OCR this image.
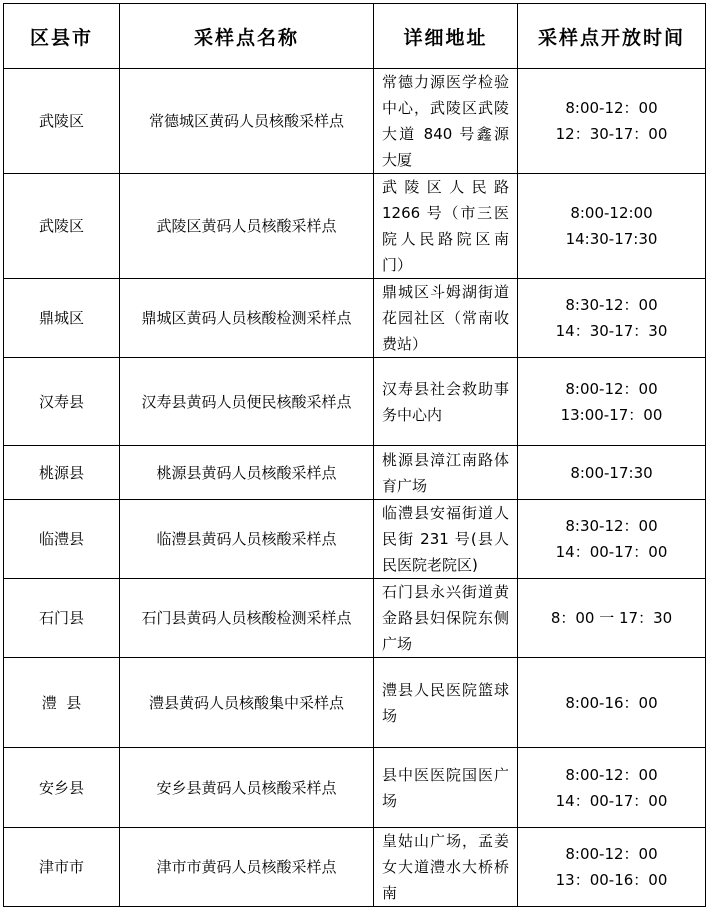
区县市	采样点名称	详细地址	采样点开放时间
武陵区	常德城区黄码人员核酸采样点	常德力源医学检验中心，武陵区武陵大道 840 号鑫源大厦	8:00-12：00
12：30-17：00

武陵区	武陵区黄码人员核酸采样点	武陵区人民路 1266 号（市三医院人民路院区南门）	8:00-12:00
14:30-17:30

鼎城区	鼎城区黄码人员核酸检测采样点	鼎城区斗姆湖街道花园社区（常南收费站）	8:30-12：00
14：30-17：30

汉寿县	汉寿县黄码人员便民核酸采样点	汉寿县社会救助事务中心内	8:00-12：00
13:00-17：00

桃源县	桃源县黄码人员核酸采样点	桃源县漳江南路体育广场	8:00-17:30

临澧县	临澧县黄码人员核酸采样点	临澧县安福街道人民街 231 号(县人民医院老院区)	8:30-12：00
14：00-17：00

石门县	石门县黄码人员核酸检测采样点	石门县永兴街道黄金路县妇保院东侧广场	8：00 一 17：30

澧  县	澧县黄码人员核酸集中采样点	澧县人民医院篮球场	8:00-16：00

安乡县	安乡县黄码人员核酸采样点	县中医医院国医广场	8:00-12：00
14：00-17：00

津市市	津市市黄码人员核酸采样点	皇姑山广场，孟姜女大道澧水大桥桥南	8:00-12：00
13：00-16：00
